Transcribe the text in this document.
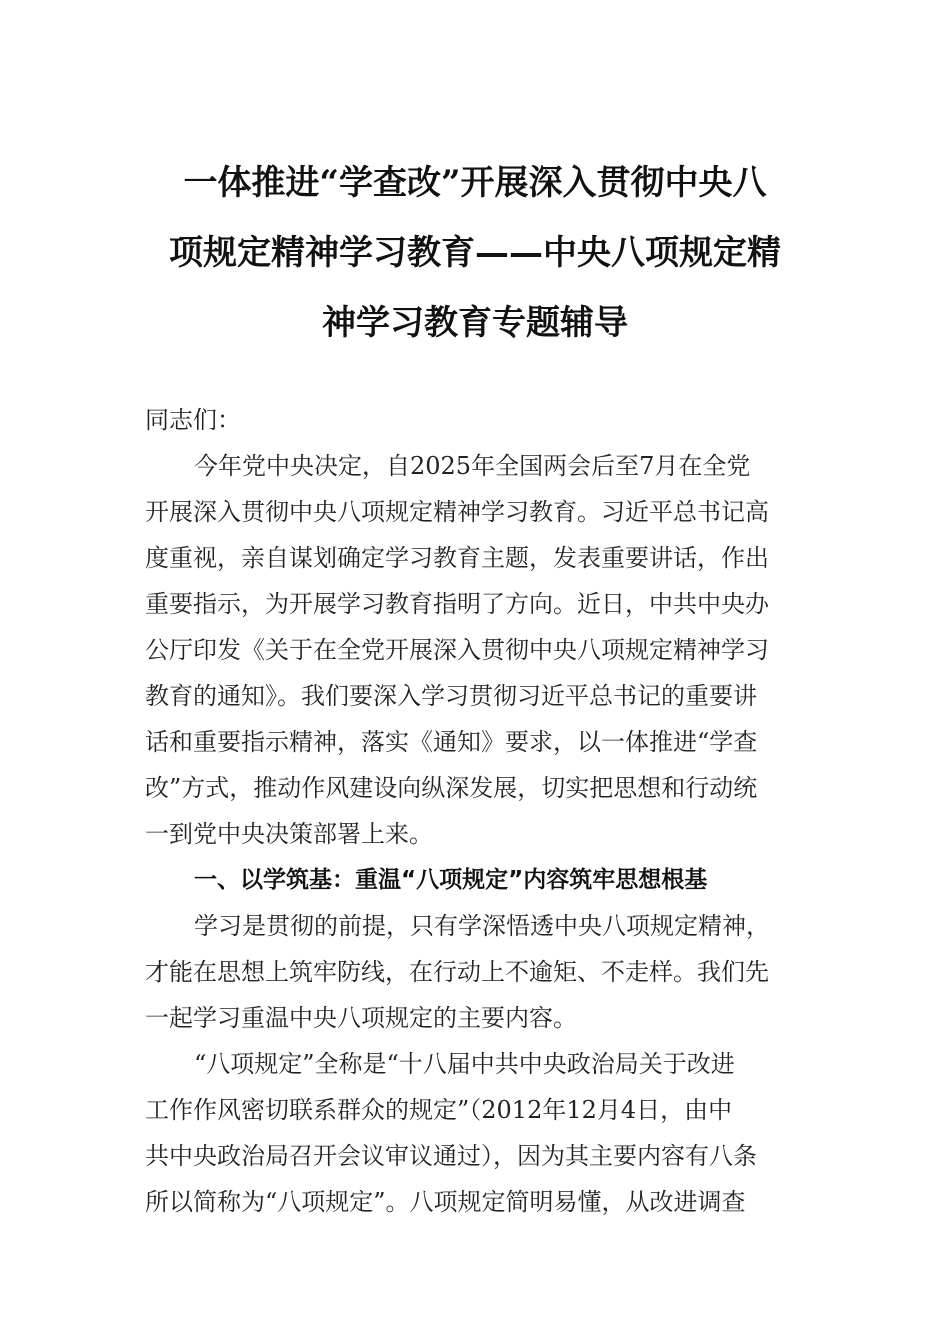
一体推进“学查改”开展深入贯彻中央八
项规定精神学习教育——中央八项规定精
神学习教育专题辅导
同志们：
今年党中央决定，自2025年全国两会后至7月在全党
开展深入贯彻中央八项规定精神学习教育。习近平总书记高
度重视，亲自谋划确定学习教育主题，发表重要讲话，作出
重要指示，为开展学习教育指明了方向。近日，中共中央办
公厅印发《关于在全党开展深入贯彻中央八项规定精神学习
教育的通知》。我们要深入学习贯彻习近平总书记的重要讲
话和重要指示精神，落实《通知》要求，以一体推进“学查
改”方式，推动作风建设向纵深发展，切实把思想和行动统
一到党中央决策部署上来。
一、以学筑基：重温“八项规定”内容筑牢思想根基
学习是贯彻的前提，只有学深悟透中央八项规定精神，
才能在思想上筑牢防线，在行动上不逾矩、不走样。我们先
一起学习重温中央八项规定的主要内容。
“八项规定”全称是“十八届中共中央政治局关于改进
工作作风密切联系群众的规定”（2012年12月4日，由中
共中央政治局召开会议审议通过），因为其主要内容有八条
所以简称为“八项规定”。八项规定简明易懂，从改进调查
